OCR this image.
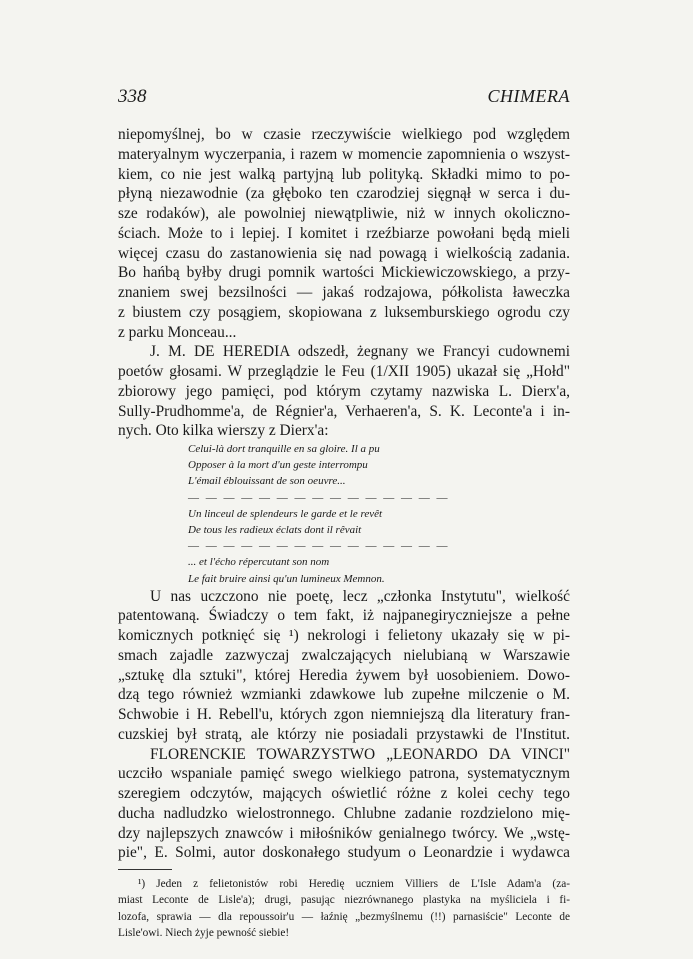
338	CHIMERA
niepomyślnej, bo w czasie rzeczywiście wielkiego pod względem
materyalnym wyczerpania, i razem w momencie zapomnienia o wszyst-
kiem, co nie jest walką partyjną lub polityką. Składki mimo to po-
płyną niezawodnie (za głęboko ten czarodziej sięgnął w serca i du-
sze rodaków), ale powolniej niewątpliwie, niż w innych okoliczno-
ściach. Może to i lepiej. I komitet i rzeźbiarze powołani będą mieli
więcej czasu do zastanowienia się nad powagą i wielkością zadania.
Bo hańbą byłby drugi pomnik wartości Mickiewiczowskiego, a przy-
znaniem swej bezsilności — jakaś rodzajowa, półkolista ławeczka
z biustem czy posągiem, skopiowana z luksemburskiego ogrodu czy
z parku Monceau...
J. M. DE HEREDIA odszedł, żegnany we Francyi cudownemi
poetów głosami. W przeglądzie le Feu (1/XII 1905) ukazał się „Hołd"
zbiorowy jego pamięci, pod którym czytamy nazwiska L. Dierx'a,
Sully-Prudhomme'a, de Régnier'a, Verhaeren'a, S. K. Leconte'a i in-
nych. Oto kilka wierszy z Dierx'a:
Celui-là dort tranquille en sa gloire. Il a pu
Opposer à la mort d'un geste interrompu
L'émail éblouissant de son oeuvre...
— — — — — — — — — — — — — — —
Un linceul de splendeurs le garde et le revêt
De tous les radieux éclats dont il rêvait
— — — — — — — — — — — — — — —
... et l'écho répercutant son nom
Le fait bruire ainsi qu'un lumineux Memnon.
U nas uczczono nie poetę, lecz „członka Instytutu", wielkość
patentowaną. Świadczy o tem fakt, iż najpanegiryczniejsze a pełne
komicznych potknięć się ¹) nekrologi i felietony ukazały się w pi-
smach zajadle zazwyczaj zwalczających nielubianą w Warszawie
„sztukę dla sztuki", której Heredia żywem był uosobieniem. Dowo-
dzą tego również wzmianki zdawkowe lub zupełne milczenie o M.
Schwobie i H. Rebell'u, których zgon niemniejszą dla literatury fran-
cuzskiej był stratą, ale którzy nie posiadali przystawki de l'Institut.
FLORENCKIE TOWARZYSTWO „LEONARDO DA VINCI"
uczciło wspaniale pamięć swego wielkiego patrona, systematycznym
szeregiem odczytów, mających oświetlić różne z kolei cechy tego
ducha nadludzko wielostronnego. Chlubne zadanie rozdzielono mię-
dzy najlepszych znawców i miłośników genialnego twórcy. We „wstę-
pie", E. Solmi, autor doskonałego studyum o Leonardzie i wydawca
¹) Jeden z felietonistów robi Heredię uczniem Villiers de L'Isle Adam'a (za-
miast Leconte de Lisle'a); drugi, pasując niezrównanego plastyka na myśliciela i fi-
lozofa, sprawia — dla repoussoir'u — łaźnię „bezmyślnemu (!!) parnasiście" Leconte de
Lisle'owi. Niech żyje pewność siebie!
